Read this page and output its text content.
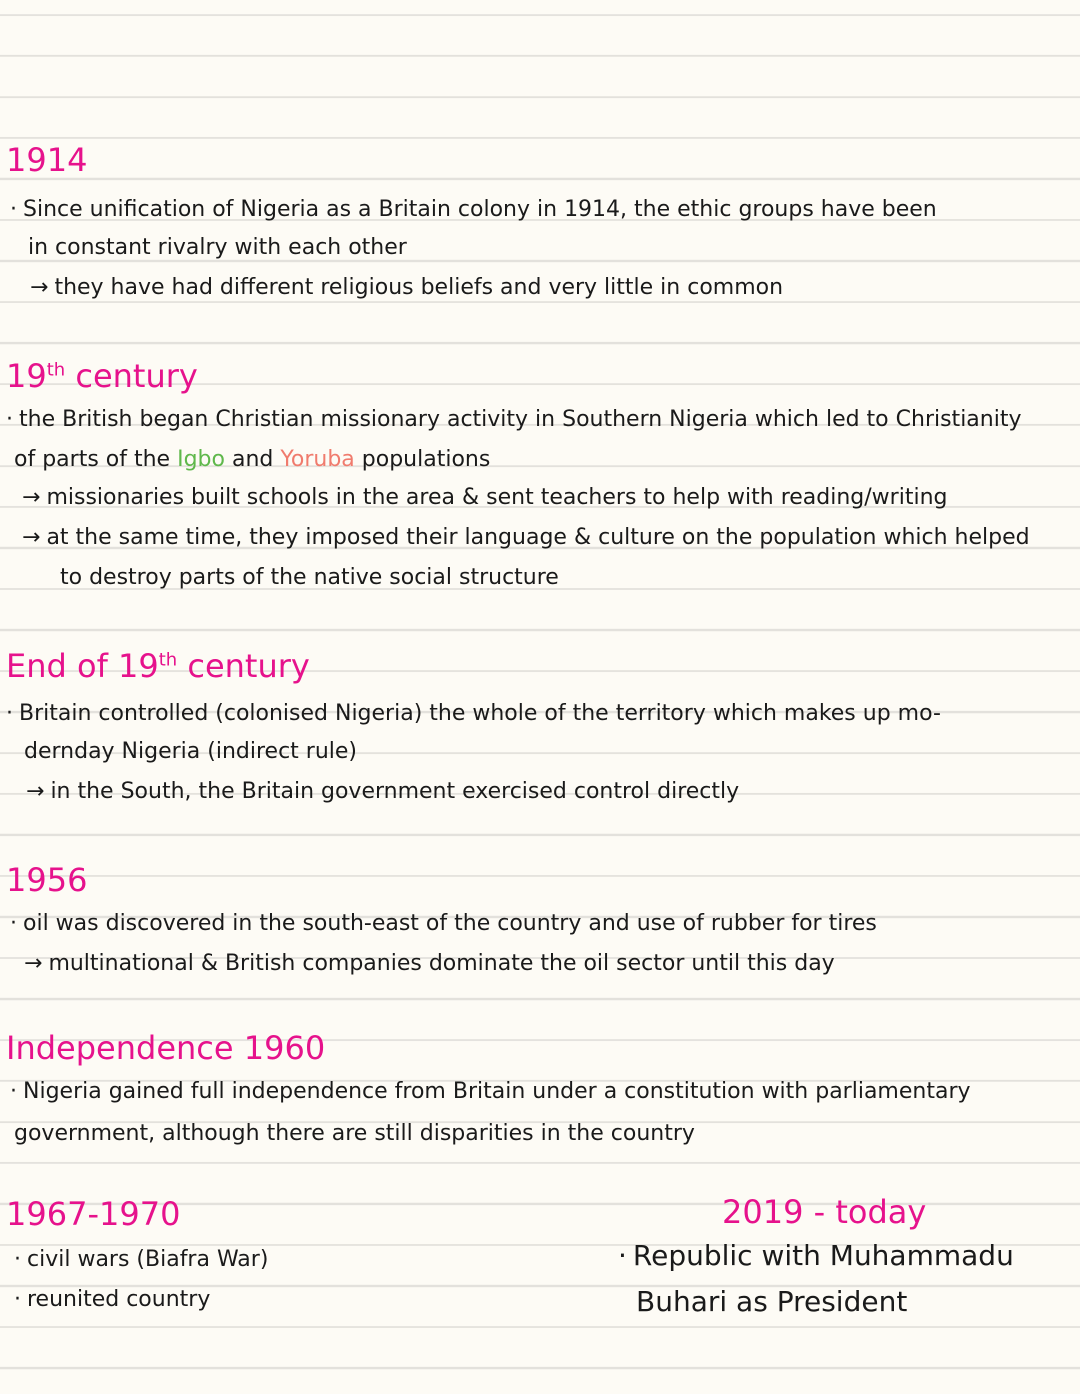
1914
· Since unification of Nigeria as a Britain colony in 1914, the ethic groups have been
in constant rivalry with each other
→ they have had different religious beliefs and very little in common
19th century
· the British began Christian missionary activity in Southern Nigeria which led to Christianity
of parts of the Igbo and Yoruba populations
→ missionaries built schools in the area & sent teachers to help with reading/writing
→ at the same time, they imposed their language & culture on the population which helped
to destroy parts of the native social structure
End of 19th century
· Britain controlled (colonised Nigeria) the whole of the territory which makes up mo-
dernday Nigeria (indirect rule)
→ in the South, the Britain government exercised control directly
1956
· oil was discovered in the south-east of the country and use of rubber for tires
→ multinational & British companies dominate the oil sector until this day
Independence 1960
· Nigeria gained full independence from Britain under a constitution with parliamentary
government, although there are still disparities in the country
1967-1970
· civil wars (Biafra War)
· reunited country
2019 - today
· Republic with Muhammadu
Buhari as President
